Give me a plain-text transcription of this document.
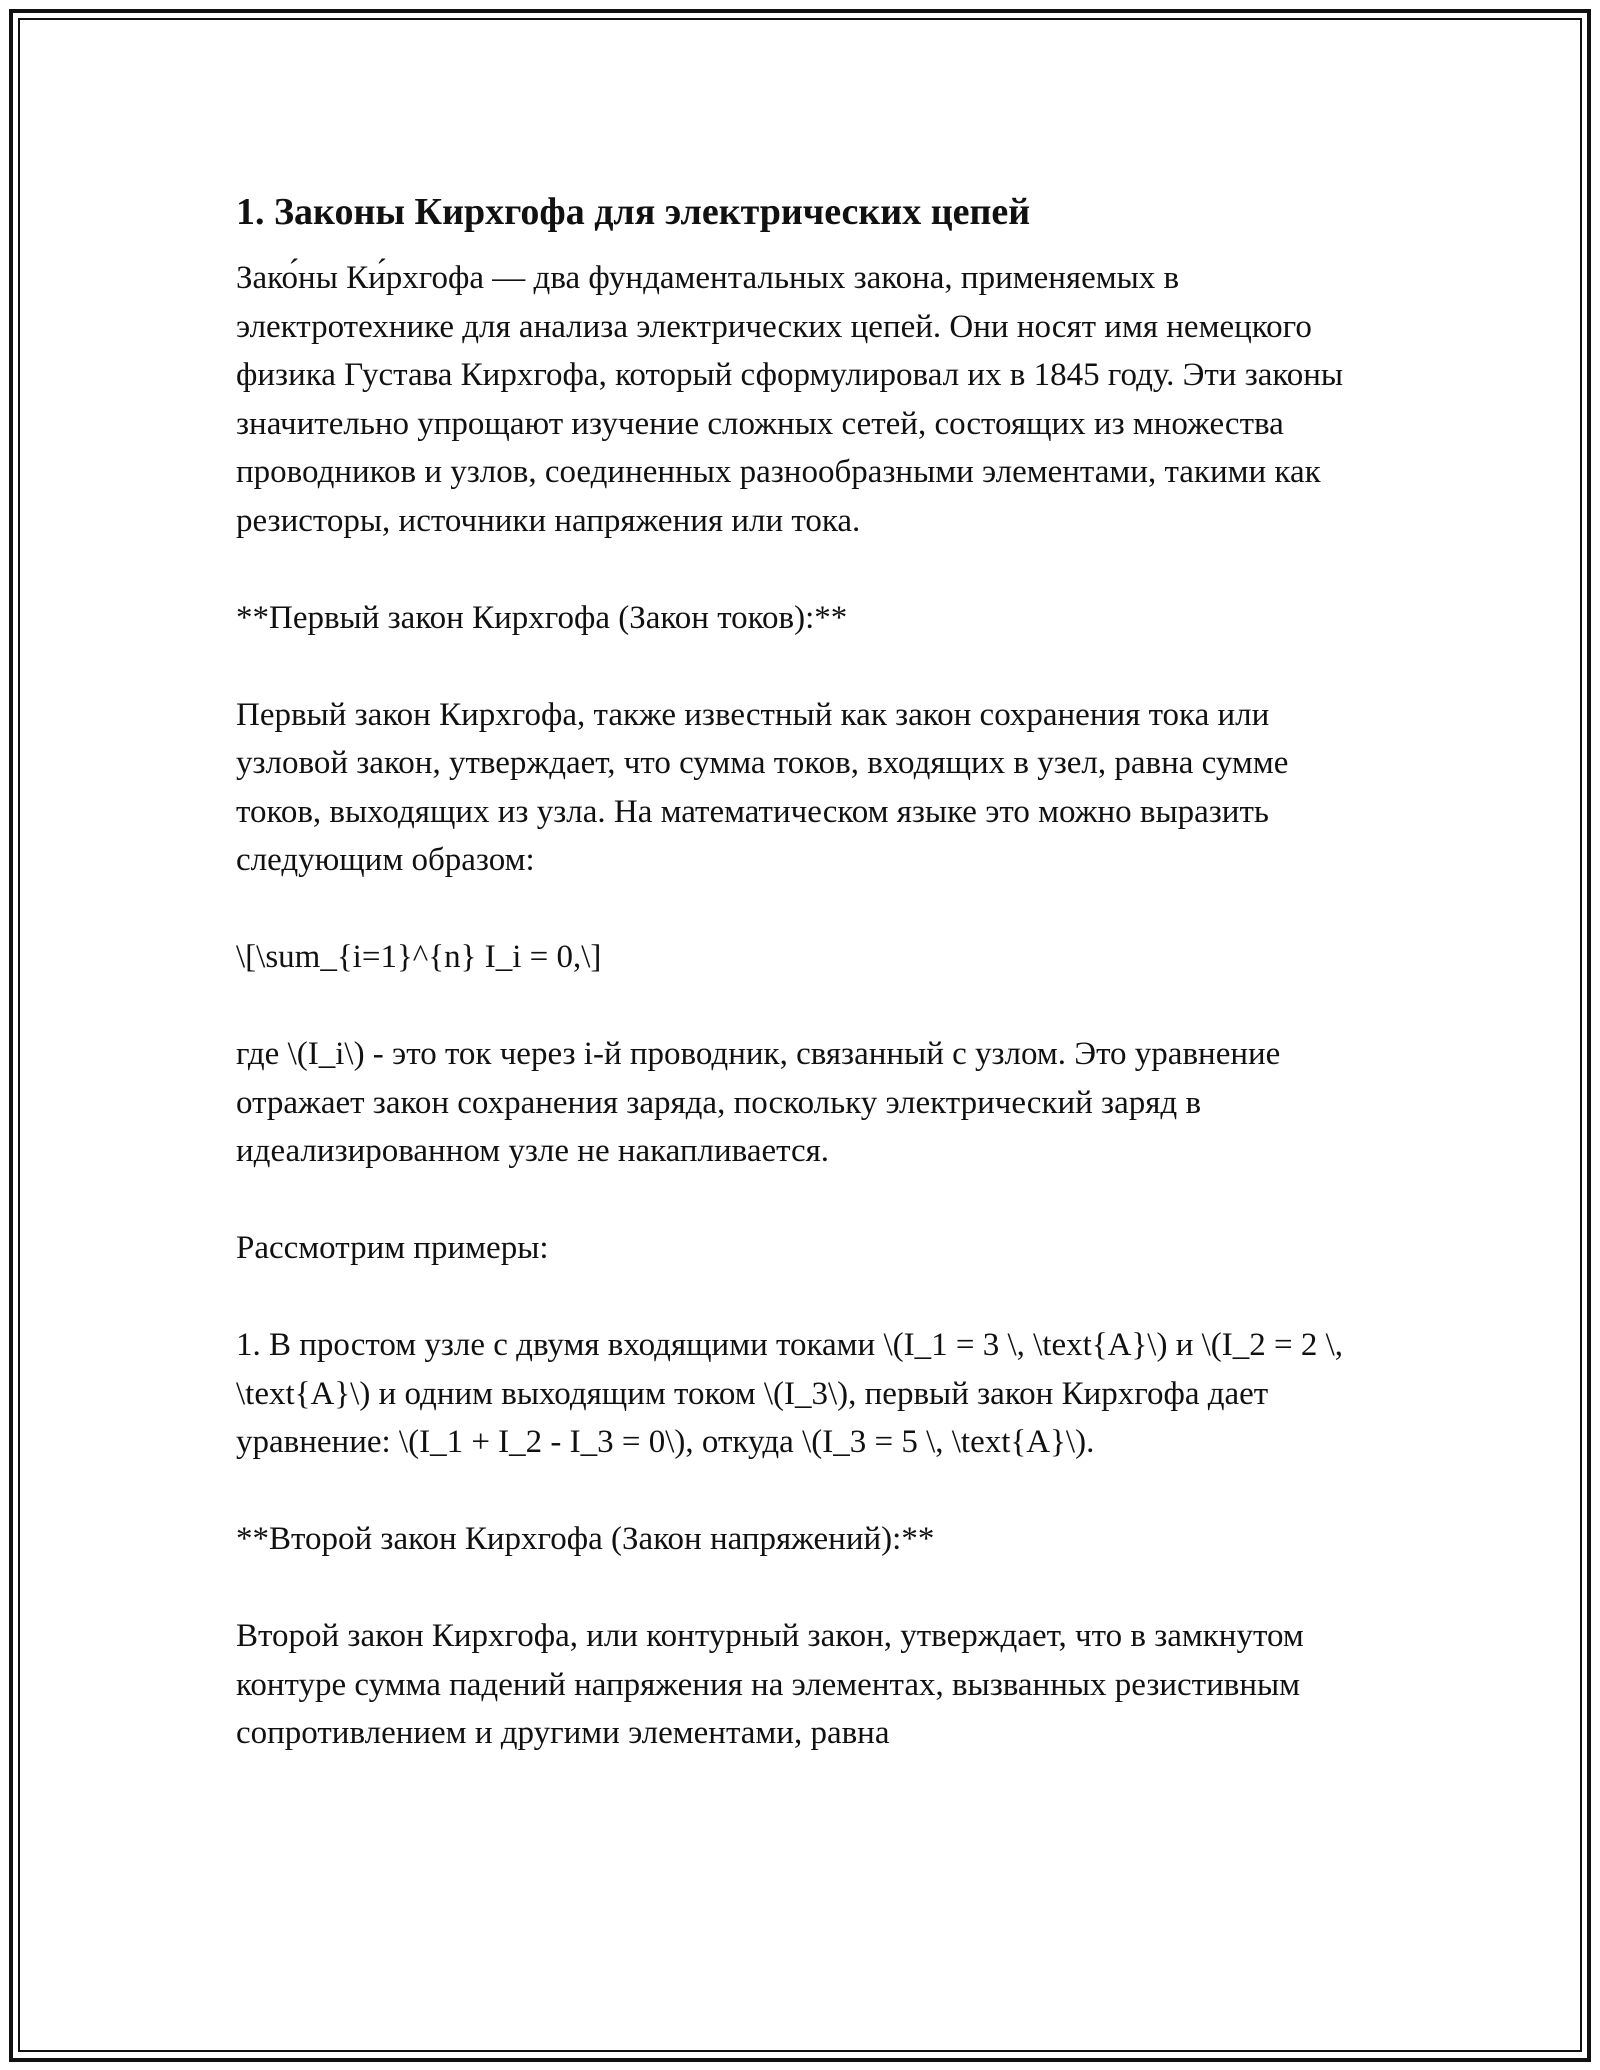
1. Законы Кирхгофа для электрических цепей

Зако́ны Ки́рхгофа — два фундаментальных закона, применяемых в электротехнике для анализа электрических цепей. Они носят имя немецкого физика Густава Кирхгофа, который сформулировал их в 1845 году. Эти законы значительно упрощают изучение сложных сетей, состоящих из множества проводников и узлов, соединенных разнообразными элементами, такими как резисторы, источники напряжения или тока.

**Первый закон Кирхгофа (Закон токов):**

Первый закон Кирхгофа, также известный как закон сохранения тока или узловой закон, утверждает, что сумма токов, входящих в узел, равна сумме токов, выходящих из узла. На математическом языке это можно выразить следующим образом:

\[\sum_{i=1}^{n} I_i = 0,\]

где \(I_i\) - это ток через i-й проводник, связанный с узлом. Это уравнение отражает закон сохранения заряда, поскольку электрический заряд в идеализированном узле не накапливается.

Рассмотрим примеры:

1. В простом узле с двумя входящими токами \(I_1 = 3 \, \text{A}\) и \(I_2 = 2 \, \text{A}\) и одним выходящим током \(I_3\), первый закон Кирхгофа дает уравнение: \(I_1 + I_2 - I_3 = 0\), откуда \(I_3 = 5 \, \text{A}\).

**Второй закон Кирхгофа (Закон напряжений):**

Второй закон Кирхгофа, или контурный закон, утверждает, что в замкнутом контуре сумма падений напряжения на элементах, вызванных резистивным сопротивлением и другими элементами, равна
